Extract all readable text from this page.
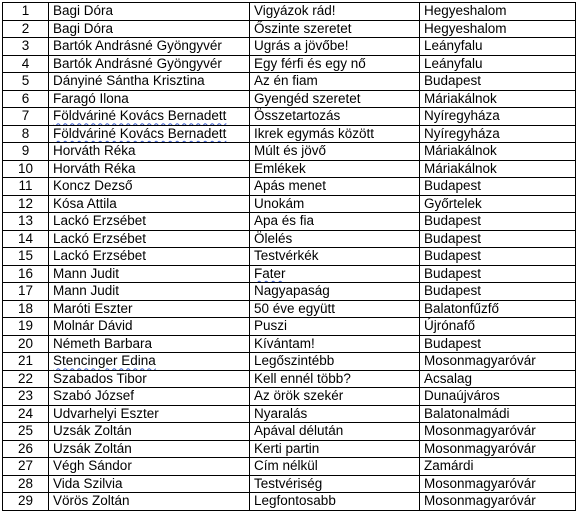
1	Bagi Dóra	Vigyázok rád!	Hegyeshalom
2	Bagi Dóra	Őszinte szeretet	Hegyeshalom
3	Bartók Andrásné Gyöngyvér	Ugrás a jövőbe!	Leányfalu
4	Bartók Andrásné Gyöngyvér	Egy férfi és egy nő	Leányfalu
5	Dányiné Sántha Krisztina	Az én fiam	Budapest
6	Faragó Ilona	Gyengéd szeretet	Máriakálnok
7	Földváriné Kovács Bernadett	Összetartozás	Nyíregyháza
8	Földváriné Kovács Bernadett	Ikrek egymás között	Nyíregyháza
9	Horváth Réka	Múlt és jövő	Máriakálnok
10	Horváth Réka	Emlékek	Máriakálnok
11	Koncz Dezső	Apás menet	Budapest
12	Kósa Attila	Unokám	Győrtelek
13	Lackó Erzsébet	Apa és fia	Budapest
14	Lackó Erzsébet	Ölelés	Budapest
15	Lackó Erzsébet	Testvérkék	Budapest
16	Mann Judit	Fater	Budapest
17	Mann Judit	Nagyapaság	Budapest
18	Maróti Eszter	50 éve együtt	Balatonfűzfő
19	Molnár Dávid	Puszi	Újrónafő
20	Németh Barbara	Kívántam!	Budapest
21	Stencinger Edina	Legőszintébb	Mosonmagyaróvár
22	Szabados Tibor	Kell ennél több?	Acsalag
23	Szabó József	Az örök szekér	Dunaújváros
24	Udvarhelyi Eszter	Nyaralás	Balatonalmádi
25	Uzsák Zoltán	Apával délután	Mosonmagyaróvár
26	Uzsák Zoltán	Kerti partin	Mosonmagyaróvár
27	Végh Sándor	Cím nélkül	Zamárdi
28	Vida Szilvia	Testvériség	Mosonmagyaróvár
29	Vörös Zoltán	Legfontosabb	Mosonmagyaróvár
